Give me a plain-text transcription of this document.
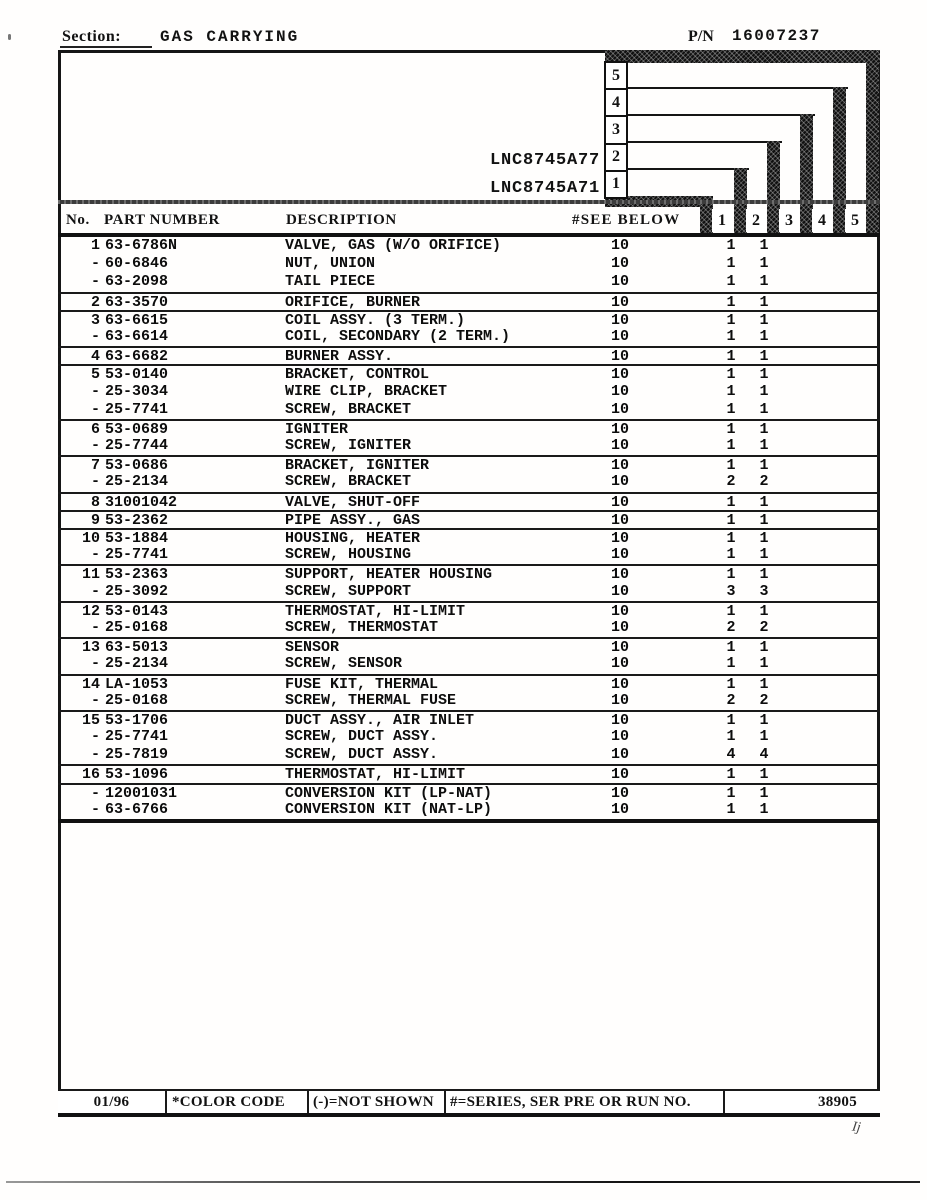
Section: GAS CARRYING	P/N 16007237
5
4
3
2
1
LNC8745A77
LNC8745A71
No. PART NUMBER	DESCRIPTION	#SEE BELOW	1	2	3	4	5
1 63-6786N	VALVE, GAS (W/O ORIFICE)	10	1	1
- 60-6846	NUT, UNION	10	1	1
- 63-2098	TAIL PIECE	10	1	1
2 63-3570	ORIFICE, BURNER	10	1	1
3 63-6615	COIL ASSY. (3 TERM.)	10	1	1
- 63-6614	COIL, SECONDARY (2 TERM.)	10	1	1
4 63-6682	BURNER ASSY.	10	1	1
5 53-0140	BRACKET, CONTROL	10	1	1
- 25-3034	WIRE CLIP, BRACKET	10	1	1
- 25-7741	SCREW, BRACKET	10	1	1
6 53-0689	IGNITER	10	1	1
- 25-7744	SCREW, IGNITER	10	1	1
7 53-0686	BRACKET, IGNITER	10	1	1
- 25-2134	SCREW, BRACKET	10	2	2
8 31001042	VALVE, SHUT-OFF	10	1	1
9 53-2362	PIPE ASSY., GAS	10	1	1
10 53-1884	HOUSING, HEATER	10	1	1
- 25-7741	SCREW, HOUSING	10	1	1
11 53-2363	SUPPORT, HEATER HOUSING	10	1	1
- 25-3092	SCREW, SUPPORT	10	3	3
12 53-0143	THERMOSTAT, HI-LIMIT	10	1	1
- 25-0168	SCREW, THERMOSTAT	10	2	2
13 63-5013	SENSOR	10	1	1
- 25-2134	SCREW, SENSOR	10	1	1
14 LA-1053	FUSE KIT, THERMAL	10	1	1
- 25-0168	SCREW, THERMAL FUSE	10	2	2
15 53-1706	DUCT ASSY., AIR INLET	10	1	1
- 25-7741	SCREW, DUCT ASSY.	10	1	1
- 25-7819	SCREW, DUCT ASSY.	10	4	4
16 53-1096	THERMOSTAT, HI-LIMIT	10	1	1
- 12001031	CONVERSION KIT (LP-NAT)	10	1	1
- 63-6766	CONVERSION KIT (NAT-LP)	10	1	1
01/96	*COLOR CODE (-)=NOT SHOWN #=SERIES, SER PRE OR RUN NO.	38905
Ij
